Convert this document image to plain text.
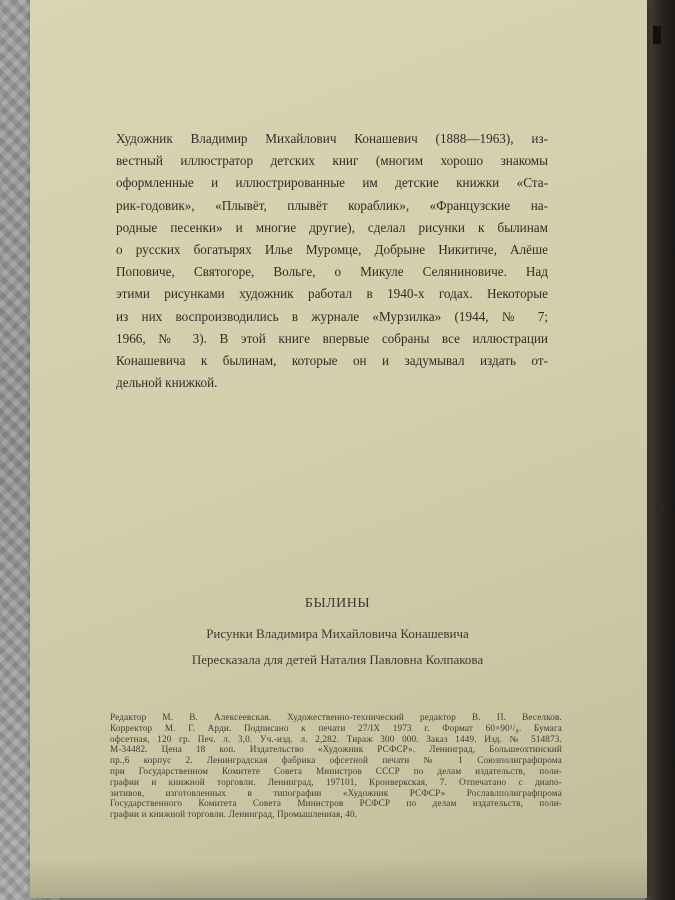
Художник Владимир Михайлович Конашевич (1888—1963), из-
вестный иллюстратор детских книг (многим хорошо знакомы
оформленные и иллюстрированные им детские книжки «Ста-
рик-годовик», «Плывёт, плывёт кораблик», «Французские на-
родные песенки» и многие другие), сделал рисунки к былинам
о русских богатырях Илье Муромце, Добрыне Никитиче, Алёше
Поповиче, Святогоре, Вольге, о Микуле Селяниновиче. Над
этими рисунками художник работал в 1940-х годах. Некоторые
из них воспроизводились в журнале «Мурзилка» (1944, № 7;
1966, № 3). В этой книге впервые собраны все иллюстрации
Конашевича к былинам, которые он и задумывал издать от-
дельной книжкой.
БЫЛИНЫ
Рисунки Владимира Михайловича Конашевича
Пересказала для детей Наталия Павловна Колпакова
Редактор М. В. Алексеевская. Художественно-технический редактор В. П. Веселков.
Корректор М. Г. Арди. Подписано к печати 27/IX 1973 г. Формат 60×90¹/₈. Бумага
офсетная, 120 гр. Печ. л. 3,0. Уч.-изд. л. 2,282. Тираж 300 000. Заказ 1449. Изд. № 514873.
М-34482. Цена 18 коп. Издательство «Художник РСФСР». Ленинград, Большеохтинский
пр.,6 корпус 2. Ленинградская фабрика офсетной печати № 1 Союзполиграфпрома
при Государственном Комитете Совета Министров СССР по делам издательств, поли-
графии и книжной торговли. Ленинград, 197101, Кронверкская, 7. Отпечатано с диапо-
зитивов, изготовленных в типографии «Художник РСФСР» Рославлполиграфпрома
Государственного Комитета Совета Министров РСФСР по делам издательств, поли-
графии и книжной торговли. Ленинград, Промышленная, 40.
